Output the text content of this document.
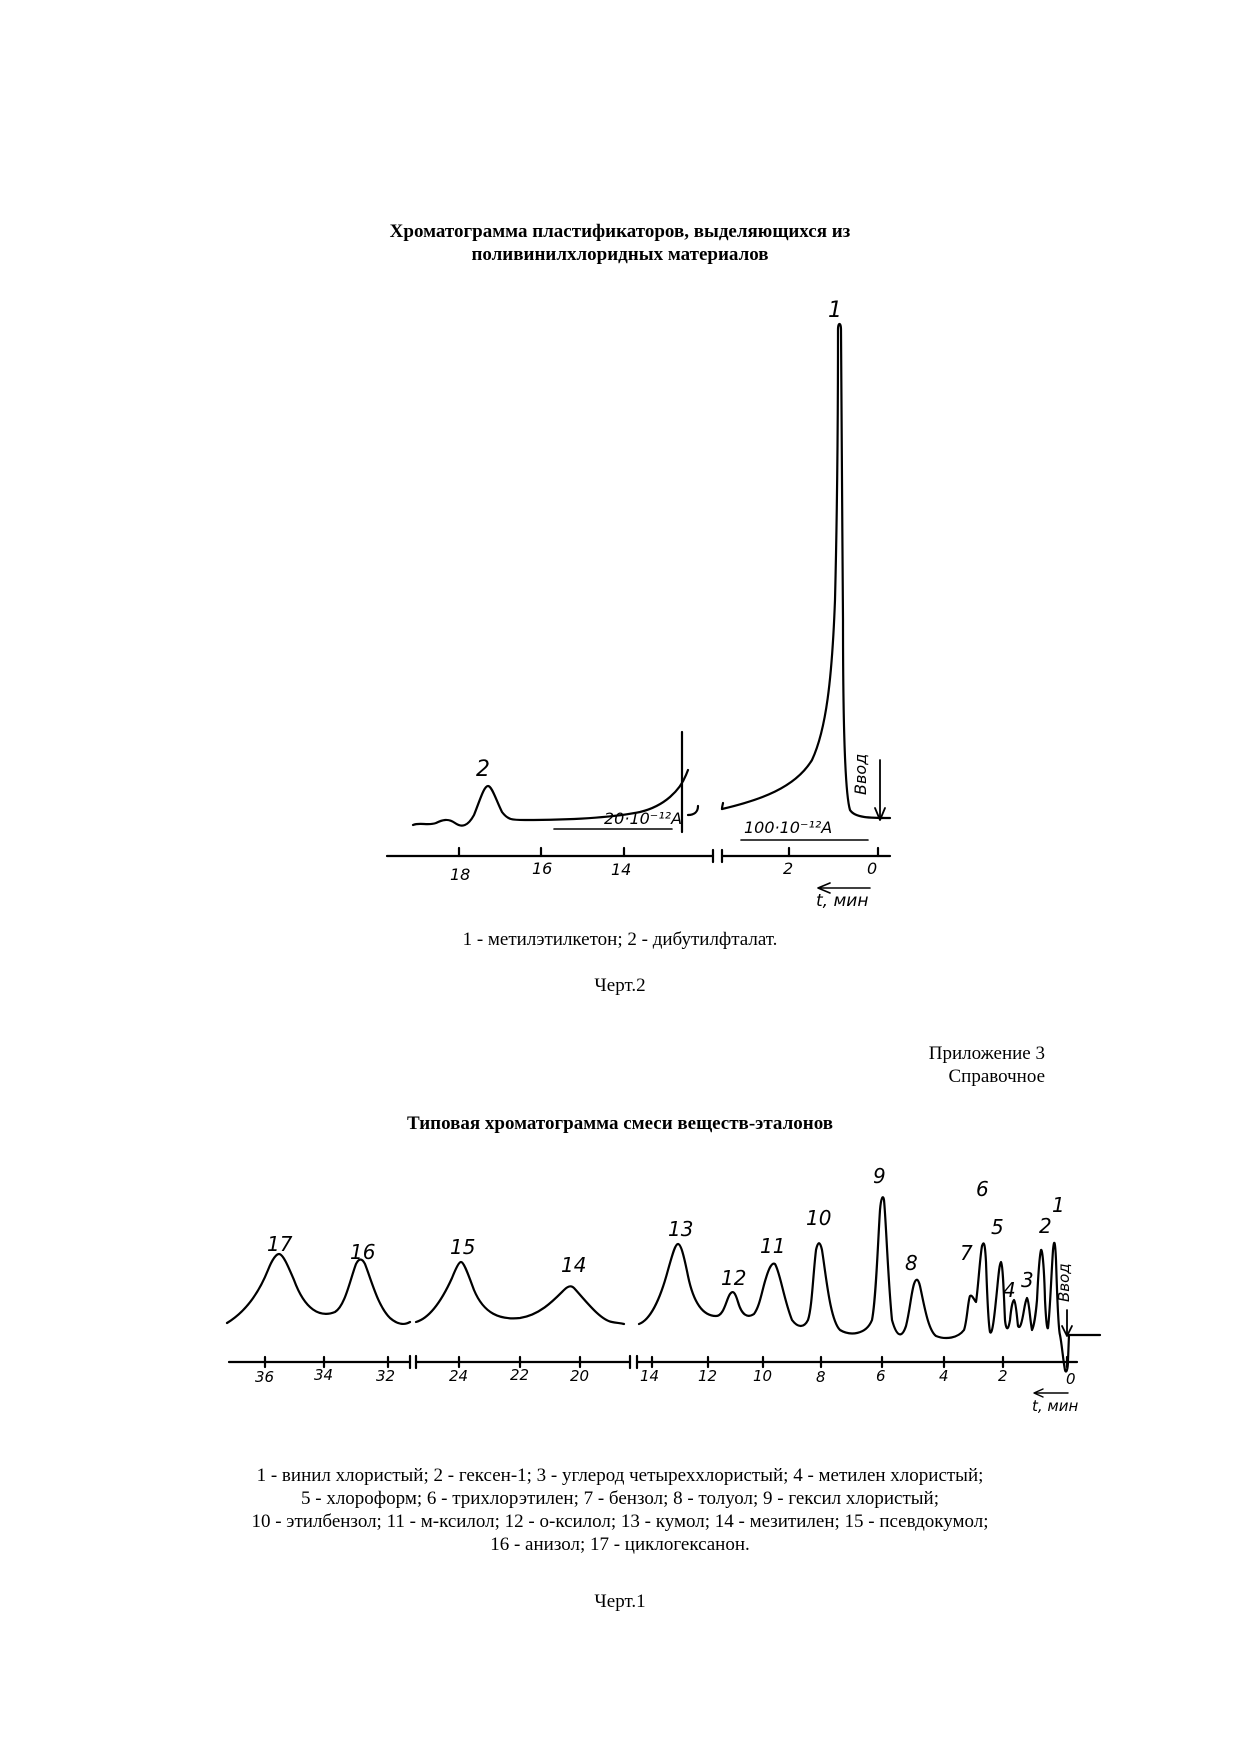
Хроматограмма пластификаторов, выделяющихся из
поливинилхлоридных материалов
1
2
20·10⁻¹²A	100·10⁻¹²A
Ввод
18	16	14	2	0
t, мин
1 - метилэтилкетон; 2 - дибутилфталат.
Черт.2
Приложение 3
Справочное
Типовая хроматограмма смеси веществ-эталонов
1
2
3
4
5
6
7
8
9
10
11
12
13
14
15
16
17
Ввод
36	34	32	24	22	20	14	12 10	8	6	4	2	0
t, мин
1 - винил хлористый; 2 - гексен-1; 3 - углерод четыреххлористый; 4 - метилен хлористый;
5 - хлороформ; 6 - трихлорэтилен; 7 - бензол; 8 - толуол; 9 - гексил хлористый;
10 - этилбензол; 11 - м-ксилол; 12 - о-ксилол; 13 - кумол; 14 - мезитилен; 15 - псевдокумол;
16 - анизол; 17 - циклогексанон.
Черт.1
